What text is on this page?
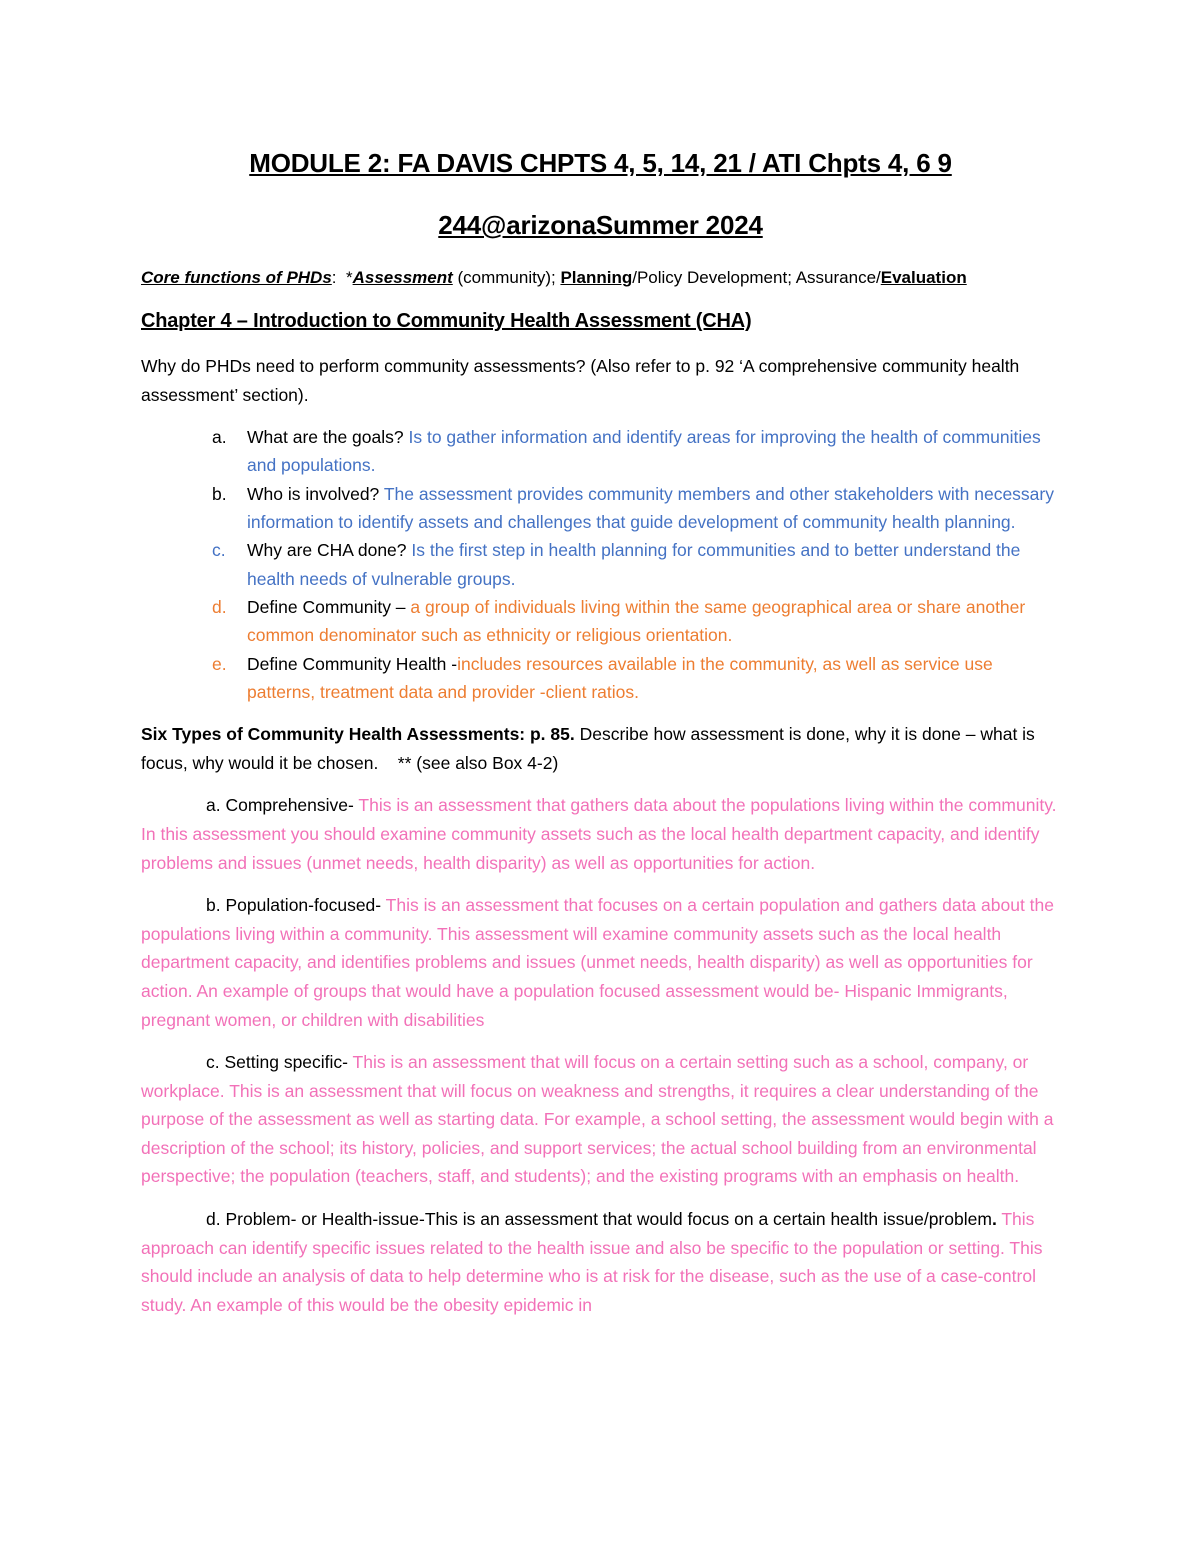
MODULE 2: FA DAVIS CHPTS 4, 5, 14, 21 / ATI Chpts 4, 6 9
244@arizonaSummer 2024
Core functions of PHDs:  *Assessment (community); Planning/Policy Development; Assurance/Evaluation
Chapter 4 – Introduction to Community Health Assessment (CHA)

Why do PHDs need to perform community assessments? (Also refer to p. 92 ‘A comprehensive community health assessment’ section).

a. What are the goals? Is to gather information and identify areas for improving the health of communities and populations.
b. Who is involved? The assessment provides community members and other stakeholders with necessary information to identify assets and challenges that guide development of community health planning.
c. Why are CHA done? Is the first step in health planning for communities and to better understand the health needs of vulnerable groups.
d. Define Community – a group of individuals living within the same geographical area or share another common denominator such as ethnicity or religious orientation.
e. Define Community Health -includes resources available in the community, as well as service use patterns, treatment data and provider -client ratios.

Six Types of Community Health Assessments: p. 85. Describe how assessment is done, why it is done – what is focus, why would it be chosen.    ** (see also Box 4-2)

a. Comprehensive- This is an assessment that gathers data about the populations living within the community. In this assessment you should examine community assets such as the local health department capacity, and identify problems and issues (unmet needs, health disparity) as well as opportunities for action.

b. Population-focused- This is an assessment that focuses on a certain population and gathers data about the populations living within a community. This assessment will examine community assets such as the local health department capacity, and identifies problems and issues (unmet needs, health disparity) as well as opportunities for action. An example of groups that would have a population focused assessment would be- Hispanic Immigrants, pregnant women, or children with disabilities

c. Setting specific- This is an assessment that will focus on a certain setting such as a school, company, or workplace. This is an assessment that will focus on weakness and strengths, it requires a clear understanding of the purpose of the assessment as well as starting data. For example, a school setting, the assessment would begin with a description of the school; its history, policies, and support services; the actual school building from an environmental perspective; the population (teachers, staff, and students); and the existing programs with an emphasis on health.

d. Problem- or Health-issue-This is an assessment that would focus on a certain health issue/problem. This approach can identify specific issues related to the health issue and also be specific to the population or setting. This should include an analysis of data to help determine who is at risk for the disease, such as the use of a case-control study. An example of this would be the obesity epidemic in
